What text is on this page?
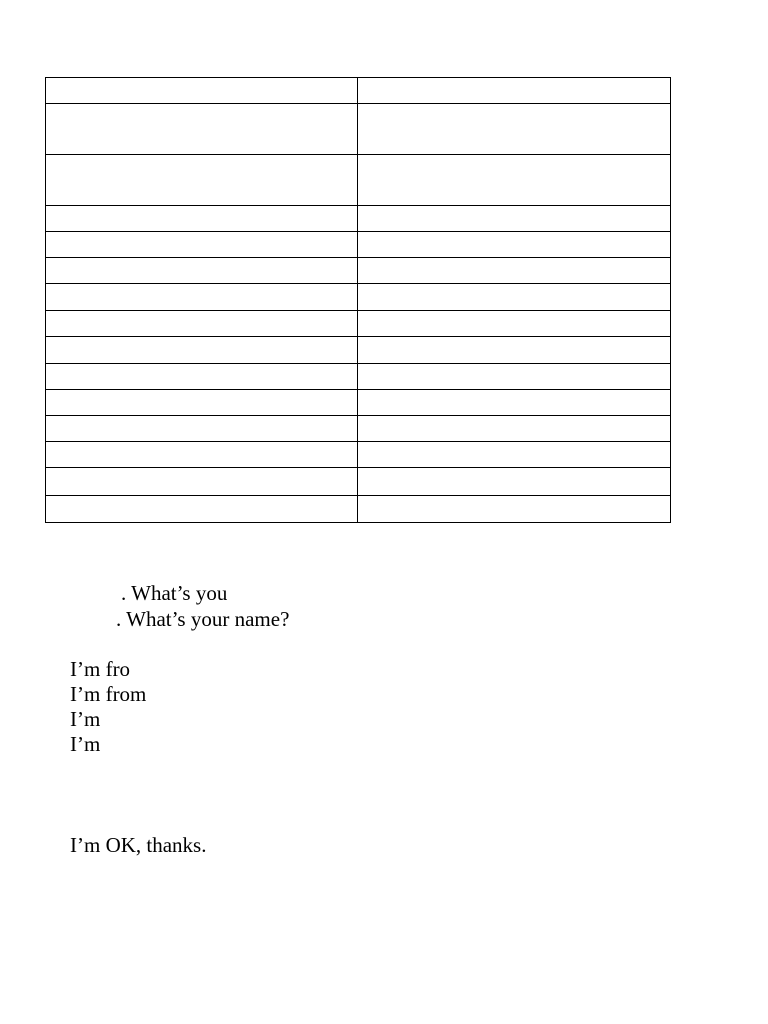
. What’s you
. What’s your name?
I’m fro
I’m from
I’m
I’m
I’m OK, thanks.
